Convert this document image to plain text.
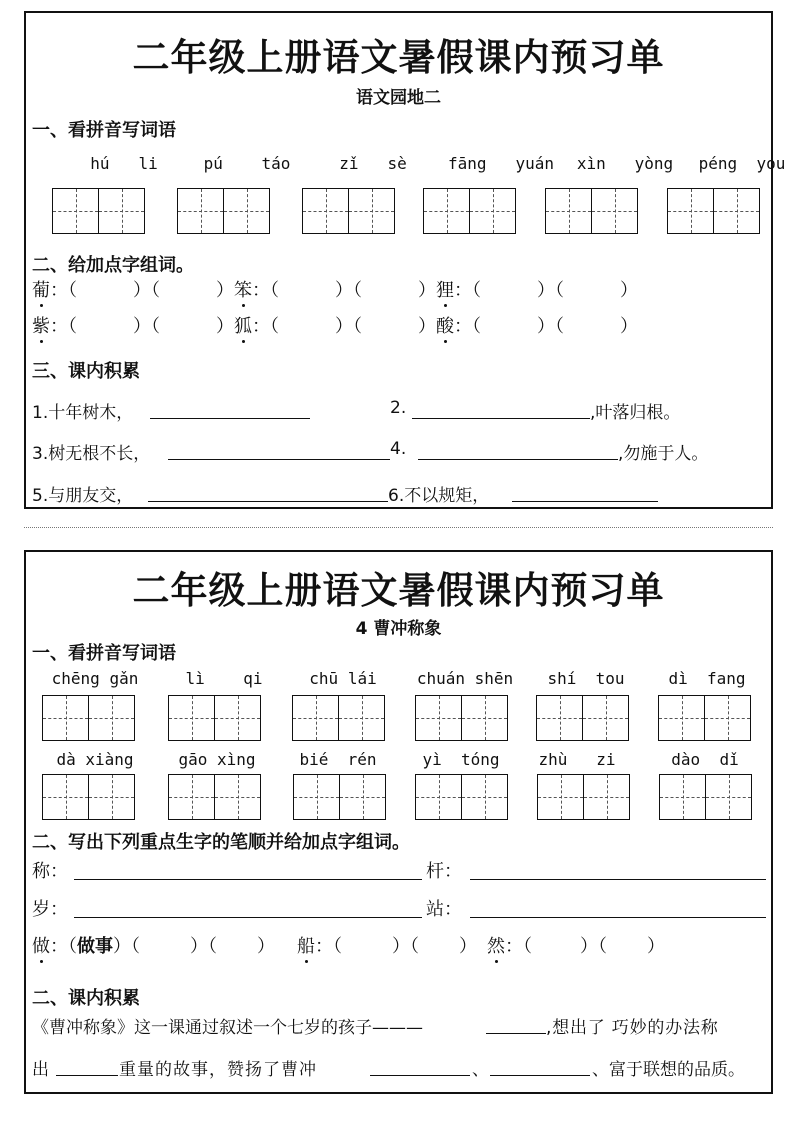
二年级上册语文暑假课内预习单
语文园地二
一、看拼音写词语
hú li	pú táo	zǐ sè	fāng yuán	xìn yòng	péng you
二、给加点字组词。
葡：（	）（	）笨：（	）（	）狸：（	）（	）
紫：（	）（	）狐：（	）（	）酸：（	）（	）
三、课内积累
1.十年树木，	2.	,叶落归根。
3.树无根不长，	4.	,勿施于人。
5.与朋友交，	6.不以规矩，
二年级上册语文暑假课内预习单
4 曹冲称象
一、看拼音写词语
chēng gǎn	lì qi	chū lái	chuán shēn	shí tou	dì fang
dà xiàng	gāo xìng	bié rén	yì tóng	zhù zi	dào dǐ
二、写出下列重点生字的笔顺并给加点字组词。
称：	杆：
岁：	站：
做：（做事）（	）（ ） 船：（	）（ ） 然：（	）（ ）
二、课内积累
《曹冲称象》这一课通过叙述一个七岁的孩子———	,想出了 巧妙的办法称
出	重量的故事，赞扬了曹冲	、	、富于联想的品质。
